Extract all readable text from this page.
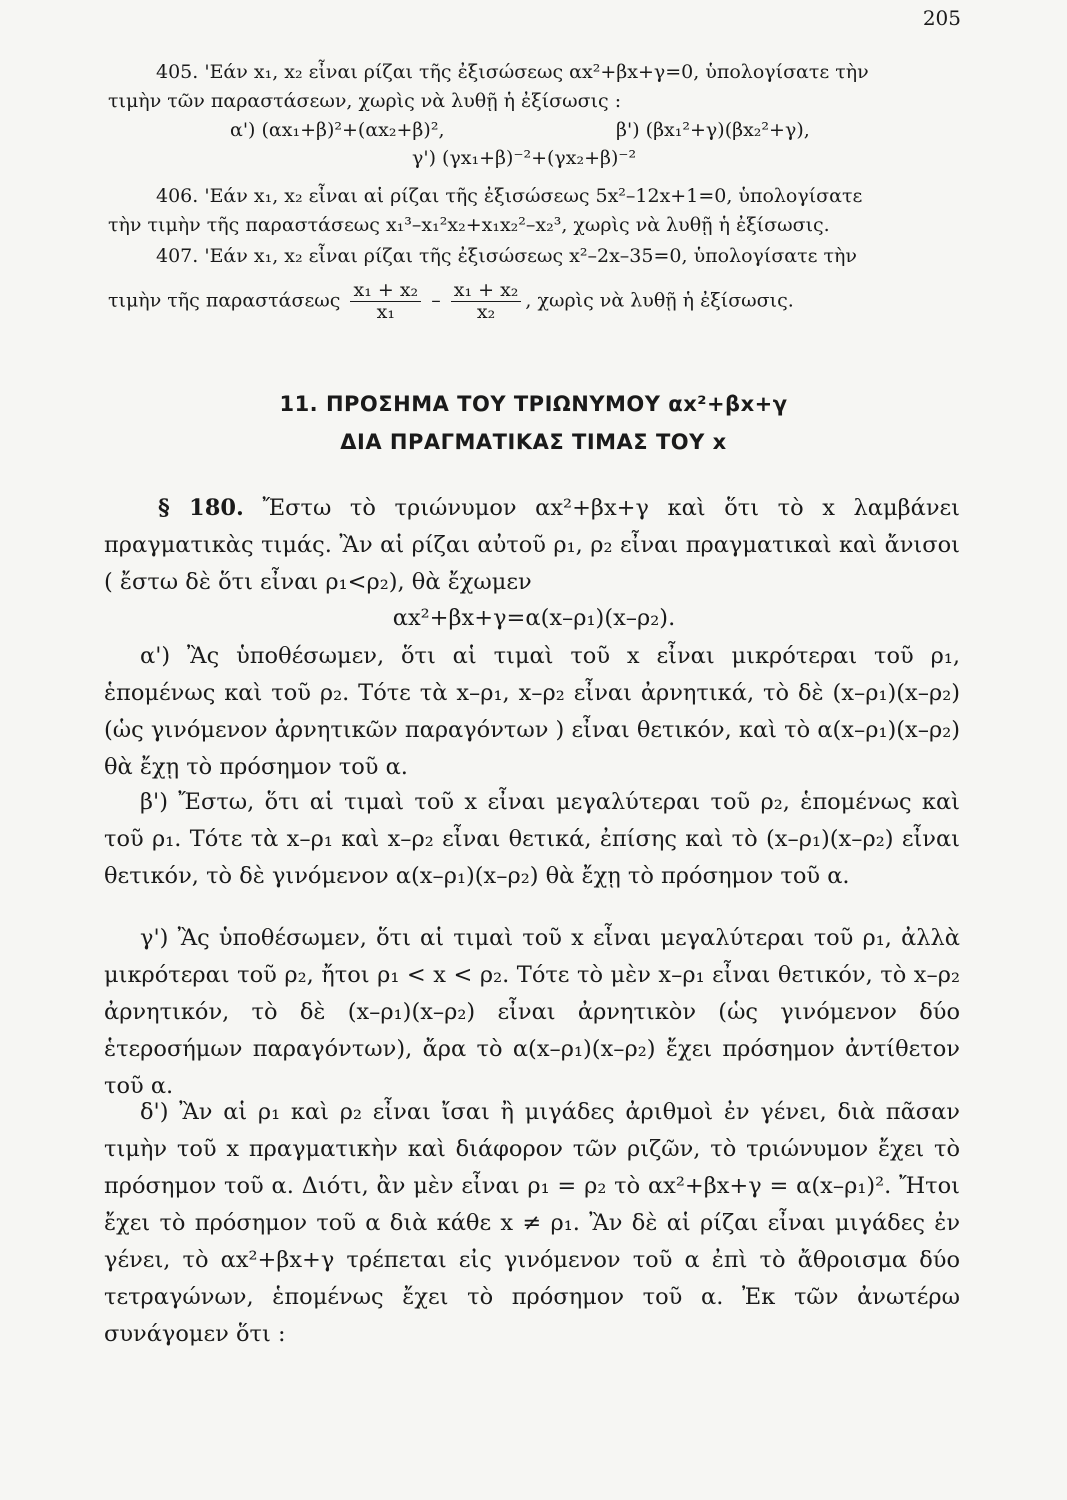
205
405. 'Εάν x₁, x₂ εἶναι ρίζαι τῆς ἐξισώσεως αx²+βx+γ=0, ὑπολογίσατε τὴν
τιμὴν τῶν παραστάσεων, χωρὶς νὰ λυθῇ ἡ ἐξίσωσις :
α') (αx₁+β)²+(αx₂+β)²,	β') (βx₁²+γ)(βx₂²+γ),
γ') (γx₁+β)⁻²+(γx₂+β)⁻²
406. 'Εάν x₁, x₂ εἶναι αἱ ρίζαι τῆς ἐξισώσεως 5x²–12x+1=0, ὑπολογίσατε
τὴν τιμὴν τῆς παραστάσεως x₁³–x₁²x₂+x₁x₂²–x₂³, χωρὶς νὰ λυθῇ ἡ ἐξίσωσις.
407. 'Εάν x₁, x₂ εἶναι ρίζαι τῆς ἐξισώσεως x²–2x–35=0, ὑπολογίσατε τὴν
τιμὴν τῆς παραστάσεως $\frac{\text{x₁ + x₂}}{\text{x₁}} - \frac{\text{x₁ + x₂}}{\text{x₂}}$ , χωρὶς νὰ λυθῇ ἡ ἐξίσωσις.
11. ΠΡΟΣΗΜΑ ΤΟΥ ΤΡΙΩΝΥΜΟΥ αx²+βx+γ
ΔΙΑ ΠΡΑΓΜΑΤΙΚΑΣ ΤΙΜΑΣ ΤΟΥ x
§ 180. Ἔστω τὸ τριώνυμον αx²+βx+γ καὶ ὅτι τὸ x λαμβάνει πραγματικὰς τιμάς. Ἂν αἱ ρίζαι αὐτοῦ ρ₁, ρ₂ εἶναι πραγματικαὶ καὶ ἄνισοι ( ἔστω δὲ ὅτι εἶναι ρ₁<ρ₂), θὰ ἔχωμεν
αx²+βx+γ=α(x–ρ₁)(x–ρ₂).
α') Ἂς ὑποθέσωμεν, ὅτι αἱ τιμαὶ τοῦ x εἶναι μικρότεραι τοῦ ρ₁, ἑπομένως καὶ τοῦ ρ₂. Τότε τὰ x–ρ₁, x–ρ₂ εἶναι ἀρνητικά, τὸ δὲ (x–ρ₁)(x–ρ₂) (ὡς γινόμενον ἀρνητικῶν παραγόντων ) εἶναι θετικόν, καὶ τὸ α(x–ρ₁)(x–ρ₂) θὰ ἔχῃ τὸ πρόσημον τοῦ α.
β') Ἔστω, ὅτι αἱ τιμαὶ τοῦ x εἶναι μεγαλύτεραι τοῦ ρ₂, ἑπομένως καὶ τοῦ ρ₁. Τότε τὰ x–ρ₁ καὶ x–ρ₂ εἶναι θετικά, ἐπίσης καὶ τὸ (x–ρ₁)(x–ρ₂) εἶναι θετικόν, τὸ δὲ γινόμενον α(x–ρ₁)(x–ρ₂) θὰ ἔχῃ τὸ πρόσημον τοῦ α.
γ') Ἂς ὑποθέσωμεν, ὅτι αἱ τιμαὶ τοῦ x εἶναι μεγαλύτεραι τοῦ ρ₁, ἀλλὰ μικρότεραι τοῦ ρ₂, ἤτοι ρ₁ < x < ρ₂. Τότε τὸ μὲν x–ρ₁ εἶναι θετικόν, τὸ x–ρ₂ ἀρνητικόν, τὸ δὲ (x–ρ₁)(x–ρ₂) εἶναι ἀρνητικὸν (ὡς γινόμενον δύο ἑτεροσήμων παραγόντων), ἄρα τὸ α(x–ρ₁)(x–ρ₂) ἔχει πρόσημον ἀντίθετον τοῦ α.
δ') Ἂν αἱ ρ₁ καὶ ρ₂ εἶναι ἴσαι ἢ μιγάδες ἀριθμοὶ ἐν γένει, διὰ πᾶσαν τιμὴν τοῦ x πραγματικὴν καὶ διάφορον τῶν ριζῶν, τὸ τριώνυμον ἔχει τὸ πρόσημον τοῦ α. Διότι, ἂν μὲν εἶναι ρ₁ = ρ₂ τὸ αx²+βx+γ = α(x–ρ₁)². Ἤτοι ἔχει τὸ πρόσημον τοῦ α διὰ κάθε x ≠ ρ₁. Ἂν δὲ αἱ ρίζαι εἶναι μιγάδες ἐν γένει, τὸ αx²+βx+γ τρέπεται εἰς γινόμενον τοῦ α ἐπὶ τὸ ἄθροισμα δύο τετραγώνων, ἑπομένως ἔχει τὸ πρόσημον τοῦ α. Ἐκ τῶν ἀνωτέρω συνάγομεν ὅτι :
